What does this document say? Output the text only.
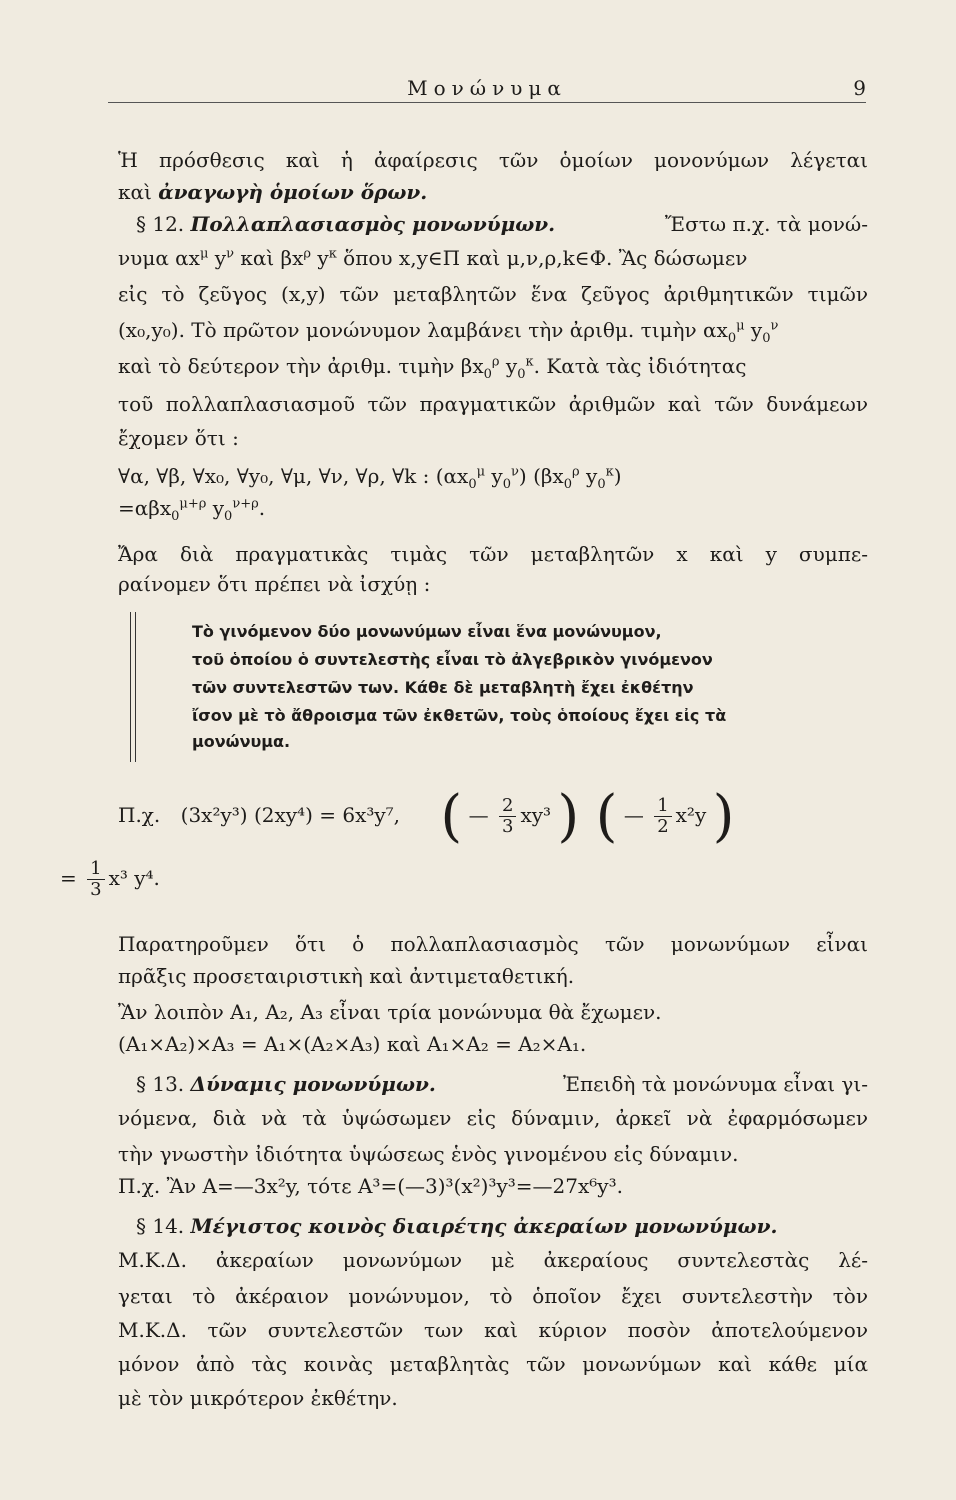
Μονώνυμα	9
Ἡ πρόσθεσις καὶ ἡ ἀφαίρεσις τῶν ὁμοίων μονονύμων λέγεται
καὶ ἀναγωγὴ ὁμοίων ὅρων.
§ 12. Πολλαπλασιασμὸς μονωνύμων.	Ἔστω π.χ. τὰ μονώ-
νυμα $\alpha x^\mu$ $y^\nu$ καὶ $\beta x^\rho$ $y^\kappa$ ὅπου x,y∈Π καὶ μ,ν,ρ,k∈Φ. Ἂς δώσωμεν
εἰς τὸ ζεῦγος (x,y) τῶν μεταβλητῶν ἕνα ζεῦγος ἀριθμητικῶν τιμῶν
(x₀,y₀). Τὸ πρῶτον μονώνυμον λαμβάνει τὴν ἀριθμ. τιμὴν $\alpha x_0^\mu$ $y_0^\nu$
καὶ τὸ δεύτερον τὴν ἀριθμ. τιμὴν $\beta x_0^\rho$ $y_0^\kappa$. Κατὰ τὰς ἰδιότητας
τοῦ πολλαπλασιασμοῦ τῶν πραγματικῶν ἀριθμῶν καὶ τῶν δυνάμεων
ἔχομεν ὅτι :
∀α, ∀β, ∀x₀, ∀y₀, ∀μ, ∀ν, ∀ρ, ∀k : ($\alpha x_0^\mu$ $y_0^\nu$) ($\beta x_0^\rho$ $y_0^\kappa$)
=αβx$_0^{\mu+\rho}$ $y_0^{\nu+\rho}$.
Ἄρα διὰ πραγματικὰς τιμὰς τῶν μεταβλητῶν x καὶ y συμπε-
ραίνομεν ὅτι πρέπει νὰ ἰσχύῃ :
Τὸ γινόμενον δύο μονωνύμων εἶναι ἕνα μονώνυμον,
τοῦ ὁποίου ὁ συντελεστὴς εἶναι τὸ ἀλγεβρικὸν γινόμενον
τῶν συντελεστῶν των. Κάθε δὲ μεταβλητὴ ἔχει ἐκθέτην
ἴσον μὲ τὸ ἄθροισμα τῶν ἐκθετῶν, τοὺς ὁποίους ἔχει εἰς τὰ
μονώνυμα.
Π.χ. (3x²y³) (2xy⁴) = 6x³y⁷, ( — $\frac{2}{3} xy^3$ ) ( — $\frac{1}{2} x^2y$ )
= $\frac{1}{3} x^3$ y⁴.
Παρατηροῦμεν ὅτι ὁ πολλαπλασιασμὸς τῶν μονωνύμων εἶναι
πρᾶξις προσεταιριστικὴ καὶ ἀντιμεταθετική.
Ἂν λοιπὸν A₁, A₂, A₃ εἶναι τρία μονώνυμα θὰ ἔχωμεν.
(A₁×A₂)×A₃ = A₁×(A₂×A₃) καὶ A₁×A₂ = A₂×A₁.
§ 13. Δύναμις μονωνύμων.	Ἐπειδὴ τὰ μονώνυμα εἶναι γι-
νόμενα, διὰ νὰ τὰ ὑψώσωμεν εἰς δύναμιν, ἀρκεῖ νὰ ἐφαρμόσωμεν
τὴν γνωστὴν ἰδιότητα ὑψώσεως ἑνὸς γινομένου εἰς δύναμιν.
Π.χ. Ἂν A=—3x²y, τότε A³=(—3)³(x²)³y³=—27x⁶y³.
§ 14. Μέγιστος κοινὸς διαιρέτης ἀκεραίων μονωνύμων.
Μ.Κ.Δ. ἀκεραίων μονωνύμων μὲ ἀκεραίους συντελεστὰς λέ-
γεται τὸ ἀκέραιον μονώνυμον, τὸ ὁποῖον ἔχει συντελεστὴν τὸν
Μ.Κ.Δ. τῶν συντελεστῶν των καὶ κύριον ποσὸν ἀποτελούμενον
μόνον ἀπὸ τὰς κοινὰς μεταβλητὰς τῶν μονωνύμων καὶ κάθε μία
μὲ τὸν μικρότερον ἐκθέτην.
